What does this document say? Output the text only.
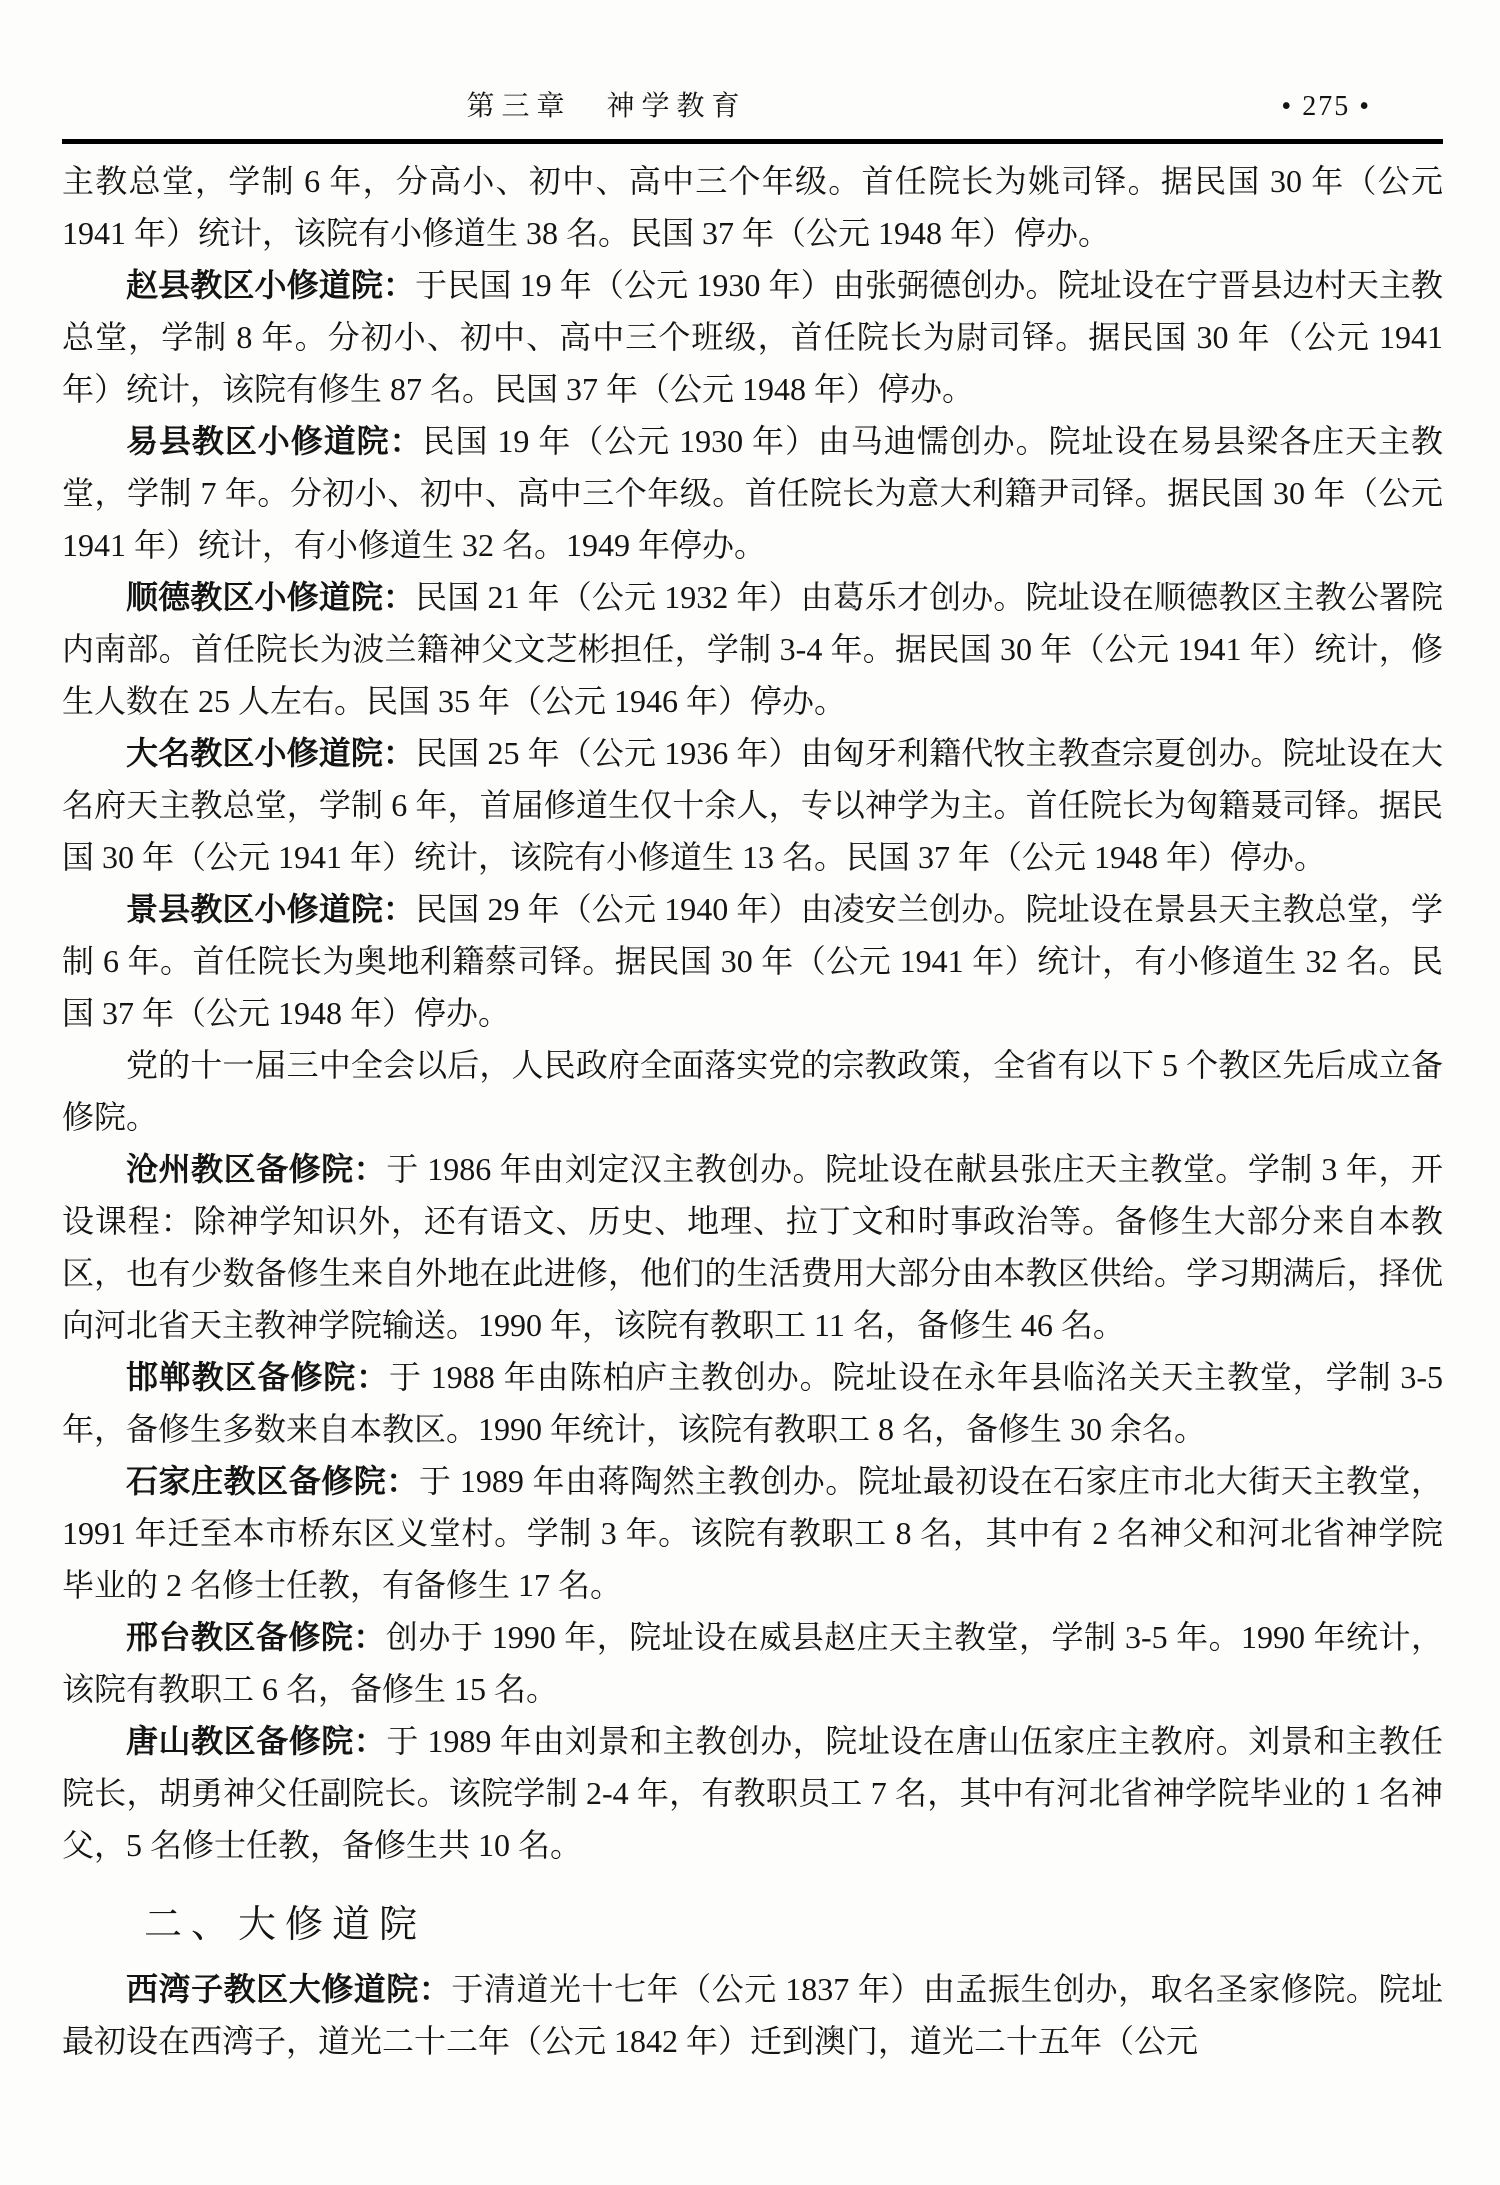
第三章　神学教育	• 275 •

主教总堂，学制 6 年，分高小、初中、高中三个年级。首任院长为姚司铎。据民国 30 年（公元 1941 年）统计，该院有小修道生 38 名。民国 37 年（公元 1948 年）停办。

赵县教区小修道院：于民国 19 年（公元 1930 年）由张弼德创办。院址设在宁晋县边村天主教总堂，学制 8 年。分初小、初中、高中三个班级，首任院长为尉司铎。据民国 30 年（公元 1941 年）统计，该院有修生 87 名。民国 37 年（公元 1948 年）停办。

易县教区小修道院：民国 19 年（公元 1930 年）由马迪懦创办。院址设在易县梁各庄天主教堂，学制 7 年。分初小、初中、高中三个年级。首任院长为意大利籍尹司铎。据民国 30 年（公元 1941 年）统计，有小修道生 32 名。1949 年停办。

顺德教区小修道院：民国 21 年（公元 1932 年）由葛乐才创办。院址设在顺德教区主教公署院内南部。首任院长为波兰籍神父文芝彬担任，学制 3-4 年。据民国 30 年（公元 1941 年）统计，修生人数在 25 人左右。民国 35 年（公元 1946 年）停办。

大名教区小修道院：民国 25 年（公元 1936 年）由匈牙利籍代牧主教查宗夏创办。院址设在大名府天主教总堂，学制 6 年，首届修道生仅十余人，专以神学为主。首任院长为匈籍聂司铎。据民国 30 年（公元 1941 年）统计，该院有小修道生 13 名。民国 37 年（公元 1948 年）停办。

景县教区小修道院：民国 29 年（公元 1940 年）由凌安兰创办。院址设在景县天主教总堂，学制 6 年。首任院长为奥地利籍蔡司铎。据民国 30 年（公元 1941 年）统计，有小修道生 32 名。民国 37 年（公元 1948 年）停办。

党的十一届三中全会以后，人民政府全面落实党的宗教政策，全省有以下 5 个教区先后成立备修院。

沧州教区备修院：于 1986 年由刘定汉主教创办。院址设在献县张庄天主教堂。学制 3 年，开设课程：除神学知识外，还有语文、历史、地理、拉丁文和时事政治等。备修生大部分来自本教区，也有少数备修生来自外地在此进修，他们的生活费用大部分由本教区供给。学习期满后，择优向河北省天主教神学院输送。1990 年，该院有教职工 11 名，备修生 46 名。

邯郸教区备修院：于 1988 年由陈柏庐主教创办。院址设在永年县临洺关天主教堂，学制 3-5 年，备修生多数来自本教区。1990 年统计，该院有教职工 8 名，备修生 30 余名。

石家庄教区备修院：于 1989 年由蒋陶然主教创办。院址最初设在石家庄市北大街天主教堂，1991 年迁至本市桥东区义堂村。学制 3 年。该院有教职工 8 名，其中有 2 名神父和河北省神学院毕业的 2 名修士任教，有备修生 17 名。

邢台教区备修院：创办于 1990 年，院址设在威县赵庄天主教堂，学制 3-5 年。1990 年统计，该院有教职工 6 名，备修生 15 名。

唐山教区备修院：于 1989 年由刘景和主教创办，院址设在唐山伍家庄主教府。刘景和主教任院长，胡勇神父任副院长。该院学制 2-4 年，有教职员工 7 名，其中有河北省神学院毕业的 1 名神父，5 名修士任教，备修生共 10 名。

二、大修道院

西湾子教区大修道院：于清道光十七年（公元 1837 年）由孟振生创办，取名圣家修院。院址最初设在西湾子，道光二十二年（公元 1842 年）迁到澳门，道光二十五年（公元
